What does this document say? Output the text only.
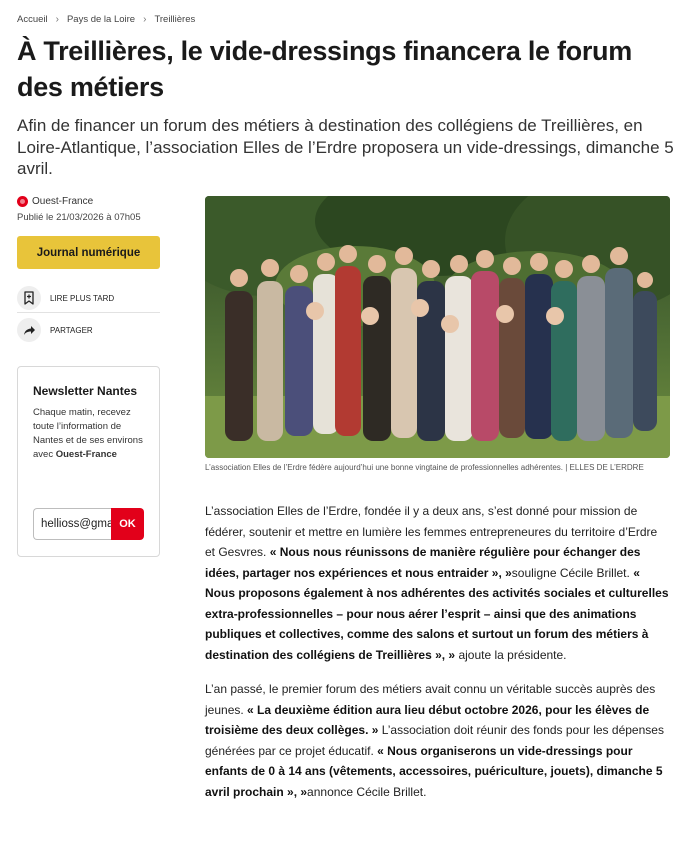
Accueil › Pays de la Loire › Treillières
À Treillières, le vide-dressings financera le forum des métiers

Afin de financer un forum des métiers à destination des collégiens de Treillières, en Loire-Atlantique, l’association Elles de l’Erdre proposera un vide-dressings, dimanche 5 avril.

Ouest-France
Publié le 21/03/2026 à 07h05
Journal numérique
LIRE PLUS TARD
PARTAGER
Newsletter Nantes

Chaque matin, recevez toute l’information de Nantes et de ses environs avec Ouest-France

hellioss@gmail.com
OK
L’association Elles de l’Erdre fédère aujourd’hui une bonne vingtaine de professionnelles adhérentes. | ELLES DE L’ERDRE

L’association Elles de l’Erdre, fondée il y a deux ans, s’est donné pour mission de fédérer, soutenir et mettre en lumière les femmes entrepreneures du territoire d’Erdre et Gesvres. « Nous nous réunissons de manière régulière pour échanger des idées, partager nos expériences et nous entraider », »souligne Cécile Brillet. « Nous proposons également à nos adhérentes des activités sociales et culturelles extra-professionnelles – pour nous aérer l’esprit – ainsi que des animations publiques et collectives, comme des salons et surtout un forum des métiers à destination des collégiens de Treillières », » ajoute la présidente.

L’an passé, le premier forum des métiers avait connu un véritable succès auprès des jeunes. « La deuxième édition aura lieu début octobre 2026, pour les élèves de troisième des deux collèges. » L’association doit réunir des fonds pour les dépenses générées par ce projet éducatif. « Nous organiserons un vide-dressings pour enfants de 0 à 14 ans (vêtements, accessoires, puériculture, jouets), dimanche 5 avril prochain », »annonce Cécile Brillet.
